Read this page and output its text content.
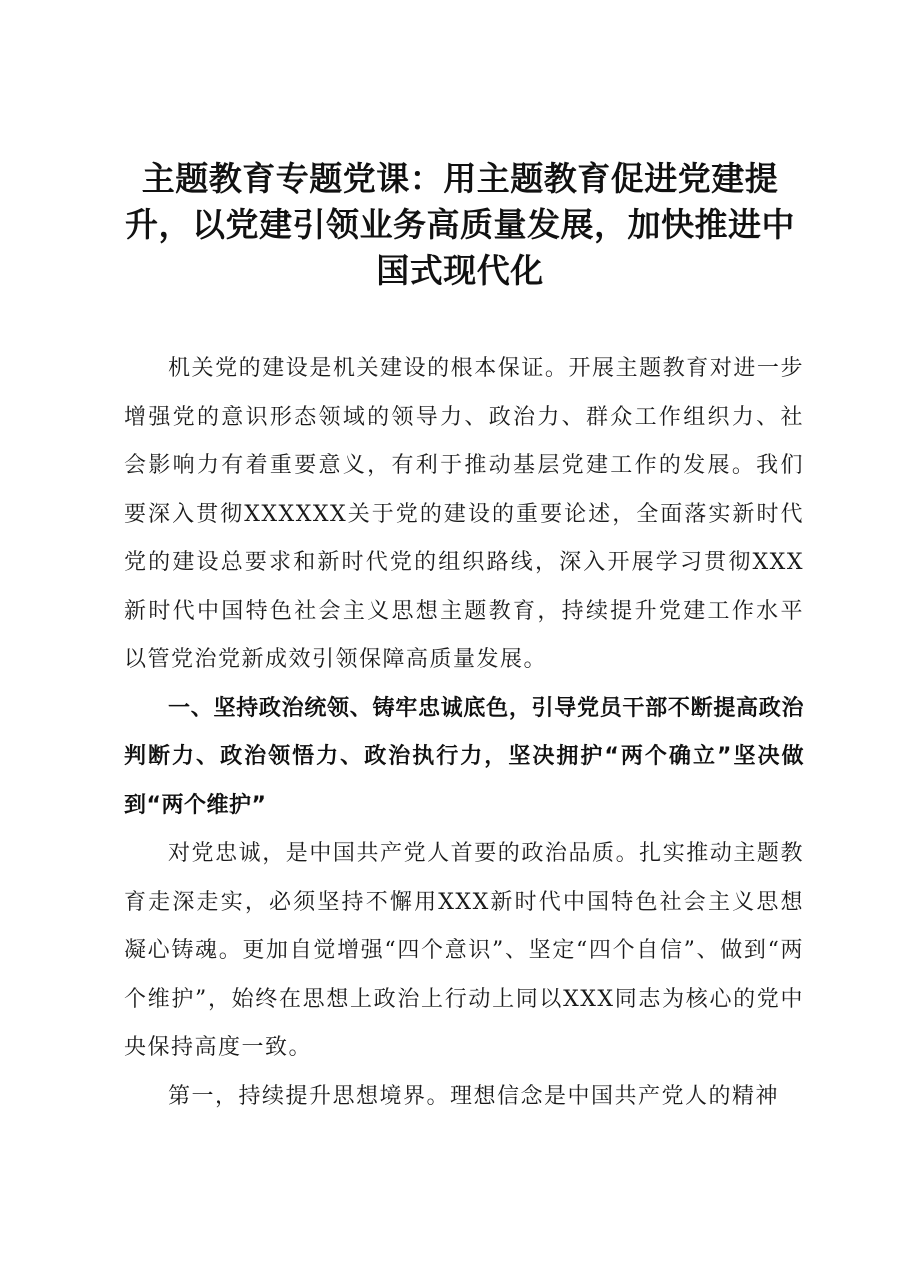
主题教育专题党课：用主题教育促进党建提升，以党建引领业务高质量发展，加快推进中国式现代化

机关党的建设是机关建设的根本保证。开展主题教育对进一步增强党的意识形态领域的领导力、政治力、群众工作组织力、社会影响力有着重要意义，有利于推动基层党建工作的发展。我们要深入贯彻XXXXXX关于党的建设的重要论述，全面落实新时代党的建设总要求和新时代党的组织路线，深入开展学习贯彻XXX新时代中国特色社会主义思想主题教育，持续提升党建工作水平以管党治党新成效引领保障高质量发展。

一、坚持政治统领、铸牢忠诚底色，引导党员干部不断提高政治判断力、政治领悟力、政治执行力，坚决拥护“两个确立”坚决做到“两个维护”

对党忠诚，是中国共产党人首要的政治品质。扎实推动主题教育走深走实，必须坚持不懈用XXX新时代中国特色社会主义思想凝心铸魂。更加自觉增强“四个意识”、坚定“四个自信”、做到“两个维护”，始终在思想上政治上行动上同以XXX同志为核心的党中央保持高度一致。

第一，持续提升思想境界。理想信念是中国共产党人的精神
